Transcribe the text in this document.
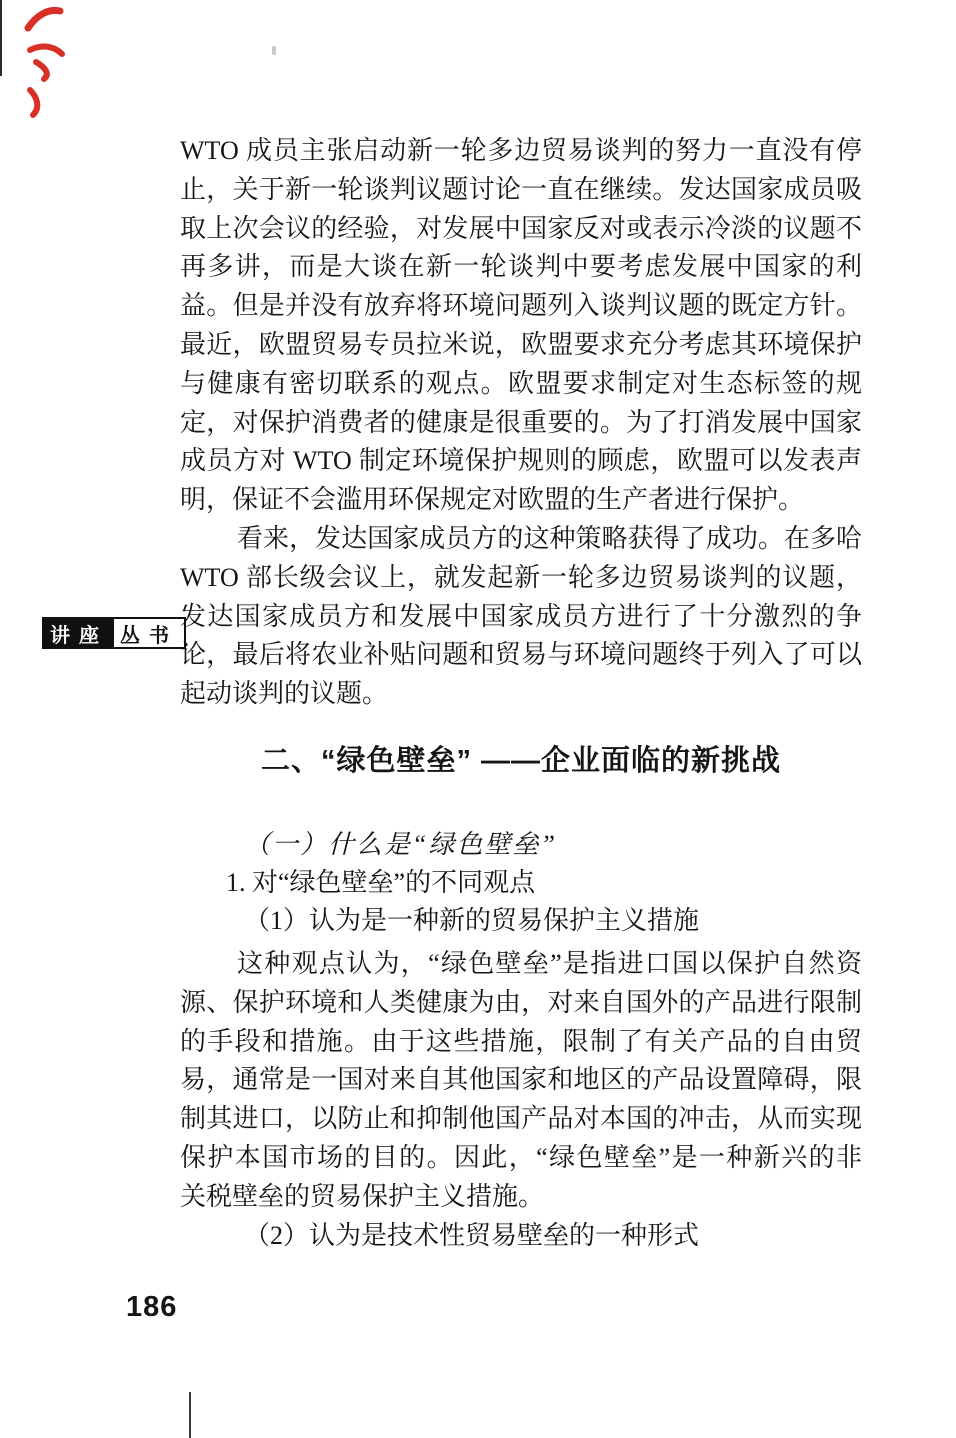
讲座 丛书
WTO 成员主张启动新一轮多边贸易谈判的努力一直没有停
止，关于新一轮谈判议题讨论一直在继续。发达国家成员吸
取上次会议的经验，对发展中国家反对或表示冷淡的议题不
再多讲，而是大谈在新一轮谈判中要考虑发展中国家的利
益。但是并没有放弃将环境问题列入谈判议题的既定方针。
最近，欧盟贸易专员拉米说，欧盟要求充分考虑其环境保护
与健康有密切联系的观点。欧盟要求制定对生态标签的规
定，对保护消费者的健康是很重要的。为了打消发展中国家
成员方对 WTO 制定环境保护规则的顾虑，欧盟可以发表声
明，保证不会滥用环保规定对欧盟的生产者进行保护。
看来，发达国家成员方的这种策略获得了成功。在多哈
WTO 部长级会议上，就发起新一轮多边贸易谈判的议题，
发达国家成员方和发展中国家成员方进行了十分激烈的争
论，最后将农业补贴问题和贸易与环境问题终于列入了可以
起动谈判的议题。
二、“绿色壁垒” ——企业面临的新挑战
（一）什么是“绿色壁垒”
1. 对“绿色壁垒”的不同观点
（1）认为是一种新的贸易保护主义措施
这种观点认为，“绿色壁垒”是指进口国以保护自然资
源、保护环境和人类健康为由，对来自国外的产品进行限制
的手段和措施。由于这些措施，限制了有关产品的自由贸
易，通常是一国对来自其他国家和地区的产品设置障碍，限
制其进口，以防止和抑制他国产品对本国的冲击，从而实现
保护本国市场的目的。因此，“绿色壁垒”是一种新兴的非
关税壁垒的贸易保护主义措施。
（2）认为是技术性贸易壁垒的一种形式
186
